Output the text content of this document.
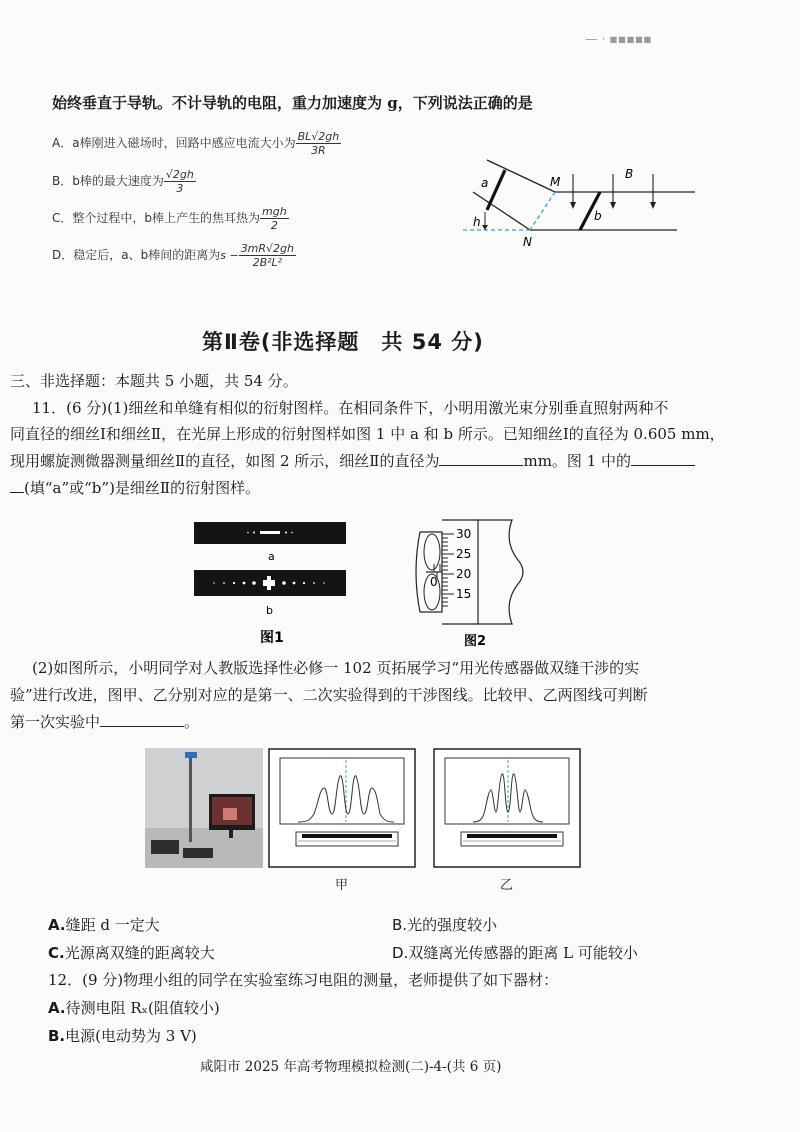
— · ▪▪▪▪▪
始终垂直于导轨。不计导轨的电阻，重力加速度为 g，下列说法正确的是
A．a棒刚进入磁场时，回路中感应电流大小为 $\frac{BL√2gh}{3R}$
B．b棒的最大速度为 $\frac{√2gh}{3}$
C．整个过程中，b棒上产生的焦耳热为 $\frac{\text{mgh}}{2}$
D．稳定后，a、b棒间的距离为$s - \frac{3mR√2gh}{\text{2B²L²}}$
a	M
N
B
b
h
第Ⅱ卷(非选择题　共 54 分)
三、非选择题：本题共 5 小题，共 54 分。
11．(6 分)(1)细丝和单缝有相似的衍射图样。在相同条件下，小明用激光束分别垂直照射两种不
同直径的细丝Ⅰ和细丝Ⅱ，在光屏上形成的衍射图样如图 1 中 a 和 b 所示。已知细丝Ⅰ的直径为 0.605 mm，
现用螺旋测微器测量细丝Ⅱ的直径，如图 2 所示，细丝Ⅱ的直径为	mm。图 1 中的
(填“a”或“b”)是细丝Ⅱ的衍射图样。
a
b
图1
0
30
25
20
15
图2
(2)如图所示，小明同学对人教版选择性必修一 102 页拓展学习“用光传感器做双缝干涉的实
验”进行改进，图甲、乙分别对应的是第一、二次实验得到的干涉图线。比较甲、乙两图线可判断
第一次实验中	。
甲	乙
A.缝距 d 一定大	B.光的强度较小
C.光源离双缝的距离较大	D.双缝离光传感器的距离 L 可能较小
12．(9 分)物理小组的同学在实验室练习电阻的测量，老师提供了如下器材：
A.待测电阻 Rₓ(阻值较小)
B.电源(电动势为 3 V)
咸阳市 2025 年高考物理模拟检测(二)-4-(共 6 页)
